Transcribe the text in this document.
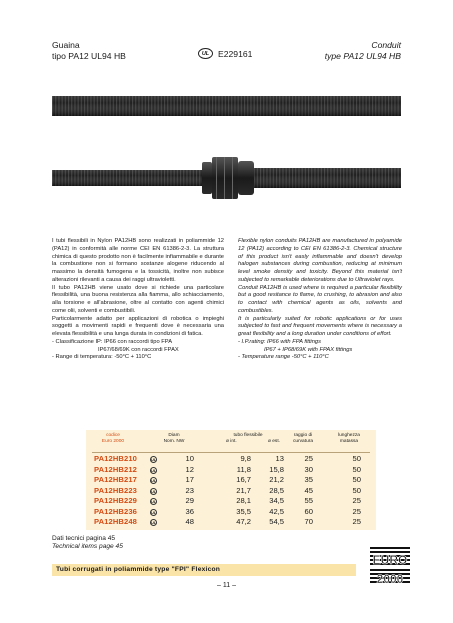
Guaina
tipo PA12 UL94 HB	UL	E229161
Conduit
type PA12 UL94 HB

I tubi flessibili in Nylon PA12HB sono realizzati in poliammide 12 (PA12) in conformità alle norme CEI EN 61386-2-3. La struttura chimica di questo prodotto non è facilmente infiammabile e durante la combustione non si formano sostanze alogene riducendo al massimo la densità fumogena e la tossicità, inoltre non subisce alterazioni rilevanti a causa dei raggi ultravioletti.

Il tubo PA12HB viene usato dove si richiede una particolare flessibilità, una buona resistenza alla fiamma, allo schiacciamento, alla torsione e all'abrasione, oltre al contatto con agenti chimici come olii, solventi e combustibili.

Particolarmente adatto per applicazioni di robotica o impieghi soggetti a movimenti rapidi e frequenti dove è necessaria una elevata flessibilità e una lunga durata in condizioni di fatica.

- Classificazione IP: IP66 con raccordi tipo FPA

IP67/68/69K con raccordi FPAX

- Range di temperatura: -50°C + 110°C

Flexible nylon conduits PA12HB are manufactured in polyamide 12 (PA12) according to CEI EN 61386-2-3. Chemical structure of this product isn't easly inflammable and doesn't develop halogen substances during combustion, reducing at minimum level smoke density and toxicity. Beyond this material isn't subjected to remarkable deteriorations due to Ultraviolet rays.

Conduit PA12HB is used where is required a particular flexibility but a good resitance to flame, to crushing, to abrasion and also to contact with chemical agents as oils, solvents and combustibles.

It is particularly suited for robotic applications or for uses subjected to fast and frequent movements where is necessary a great flexibility and a long duration under conditions of effort.

- I.P.rating: IP66 with FPA fittings

IP67 + IP68/69K with FPAX fittings

- Temperature range -50°C + 110°C

codice
Euro 2000
Diam
Nom. NW
tubo flessibile
ø int.	ø est.
raggio di
curvatura
lunghezza
matassa
PA12HB210	UL	10	9,8	13	25	50
PA12HB212	UL	12	11,8	15,8	30	50
PA12HB217	UL	17	16,7	21,2	35	50
PA12HB223	UL	23	21,7	28,5	45	50
PA12HB229	UL	29	28,1	34,5	55	25
PA12HB236	UL	36	35,5	42,5	60	25
PA12HB248	UL	48	47,2	54,5	70	25
Dati tecnici pagina 45
Technical items page 45
Tubi corrugati in poliammide type "FPI" Flexicon
EURO
2000
– 11 –
